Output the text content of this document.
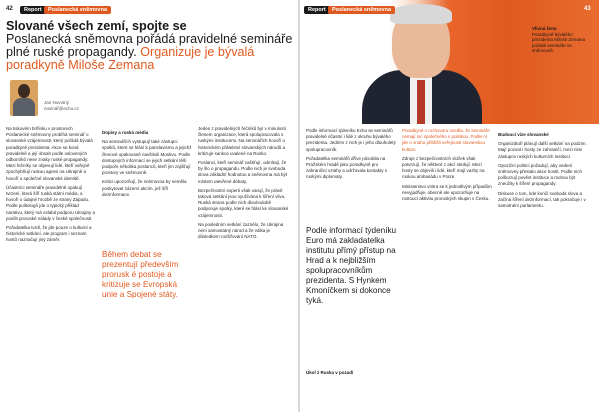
42	Report	Poslanecká sněmovna
Slované všech zemí, spojte se
Poslanecká sněmovna pořádá pravidelné semináře plné ruské propagandy. Organizuje je bývalá poradkyně Miloše Zemana
Jan Novotný
novinář@echo.cz

Na tiskovém brífinku v prostorech Poslanecké sněmovny probíhá seminář o slovanské vzájemnosti, který pořádá bývalá poradkyně prezidenta. Akce se koná pravidelně a její obsah podle oslovených odborníků nese znaky ruské propagandy. Mezi řečníky se objevují lidé, kteří veřejně zpochybňují ruskou agresi na Ukrajině a hovoří o společné slovanské identitě.

Účastníci semináře pravidelně opakují tvrzení, která šíří ruská státní média, a hovoří o údajné hrozbě ze strany Západu. Podle politologů jde o typický příklad narativu, který má oslabit podporu Ukrajiny a posílit proruské nálady v české společnosti.

Pořadatelka tvrdí, že jde pouze o kulturní a historické setkání, ale program i seznam hostů naznačují jiný záměr.

Dopisy a ruská média

Na seminářích vystupují také zástupci spolků, které se hlásí k panslavismu a jejichž členové opakovaně navštívili Moskvu. Podle dostupných informací se jejich setkání těší podpoře několika poslanců, kteří jim zajišťují prostory ve sněmovně.

Kritici upozorňují, že sněmovna by neměla poskytovat zázemí akcím, jež šíří dezinformace.

Během debat se prezentují především prorusk é postoje a kritizuje se Evropská unie a Spojené státy.

Jeden z pravidelných řečníků byl v minulosti členem organizace, která spolupracovala s ruskými institucemi. Na seminářích hovoří o historickém přátelství slovanských národů a kritizuje sankce uvalené na Rusko.

Poslanci, kteří seminář zaštiťují, odmítají, že by šlo o propagandu. Podle nich je svoboda slova základní hodnotou a sněmovna má být místem otevřené debaty.

Bezpečnostní experti však varují, že právě taková setkání jsou využívána k šíření vlivu. Ruská strana podle nich dlouhodobě podporuje spolky, které se hlásí ke slovanské vzájemnosti.

Na posledním setkání zaznělo, že Ukrajina není samostatný národ a že válka je důsledkem rozšiřování NATO.

Report	Poslanecká sněmovna	43
Vlivná žena
Poradkyně bývalého prezidenta Miloše Zemana pořádá semináře ve sněmovně.

Podle informací týdeníku Echo se seminářů pravidelně účastní i lidé z okruhu bývalého prezidenta. Jedním z nich je i jeho dlouholetý spolupracovník.

Pořadatelka seminářů dříve působila na Pražském hradě jako poradkyně pro zahraniční vztahy a udržovala kontakty s ruskými diplomaty.

Podle informací týdeníku Euro má zakladatelka institutu přímý přístup na Hrad a k nejbližším spolupracovníkům prezidenta. S Hynkem Kmoníčkem si dokonce tyká.
Úkol z Ruska v pozadí

Poradkyně v rozhovoru uvedla, že semináře nemají nic společného s politikou. Podle ní jde o snahu přiblížit veřejnosti slovanskou kulturu.

Zdroje z bezpečnostních složek však potvrzují, že některé z akcí sledují. Mezi hosty se objevili i lidé, kteří mají vazby na ruskou ambasádu v Praze.

Ministerstvo vnitra se k jednotlivým případům nevyjadřuje, obecně ale upozorňuje na rostoucí aktivitu proruských skupin v Česku.

Budoucí vize slovanské

Organizátoři plánují další setkání na podzim. Mají pozvat i hosty ze zahraničí, mezi nimi zástupce ruských kulturních institucí.

Opoziční politici požadují, aby vedení sněmovny přestalo akce hostit. Podle nich poškozují pověst instituce a mohou být zneužity k šíření propagandy.

Diskuse o tom, kde končí svoboda slova a začíná šíření dezinformací, tak pokračuje i v samotném parlamentu.
